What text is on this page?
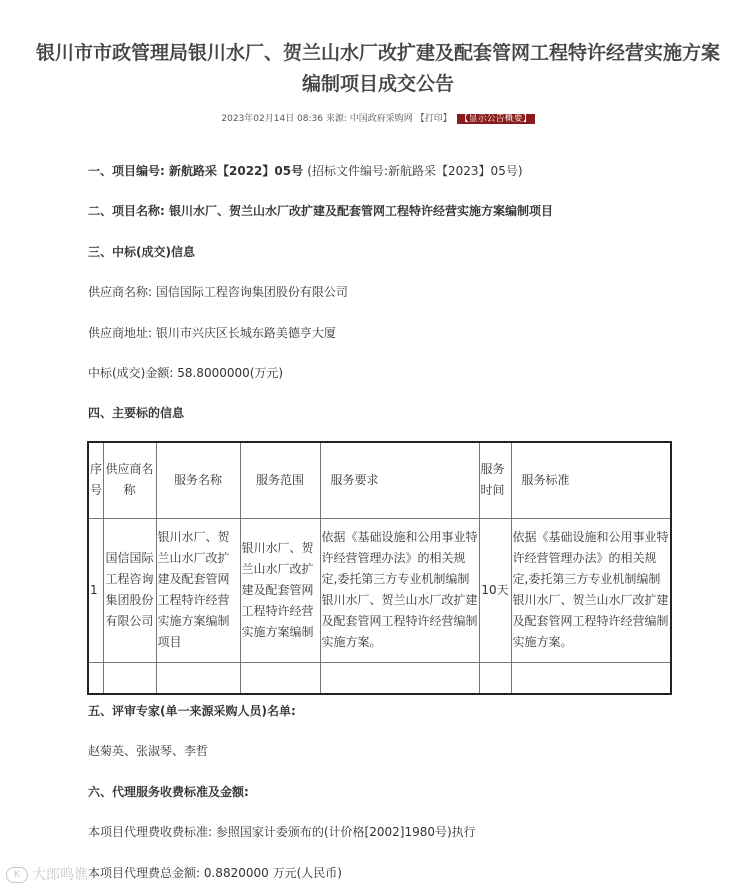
银川市市政管理局银川水厂、贺兰山水厂改扩建及配套管网工程特许经营实施方案
编制项目成交公告
2023年02月14日 08:36 来源: 中国政府采购网 【打印】 【显示公告概要】
一、项目编号: 新航路采【2022】05号 (招标文件编号:新航路采【2023】05号)
二、项目名称: 银川水厂、贺兰山水厂改扩建及配套管网工程特许经营实施方案编制项目
三、中标(成交)信息
供应商名称: 国信国际工程咨询集团股份有限公司
供应商地址: 银川市兴庆区长城东路美德亨大厦
中标(成交)金额: 58.8000000(万元)
四、主要标的信息
序号	供应商名称	服务名称	服务范围	服务要求	服务时间	服务标准
1	国信国际工程咨询集团股份有限公司	银川水厂、贺兰山水厂改扩建及配套管网工程特许经营实施方案编制项目	银川水厂、贺兰山水厂改扩建及配套管网工程特许经营实施方案编制	依据《基础设施和公用事业特许经营管理办法》的相关规定,委托第三方专业机制编制银川水厂、贺兰山水厂改扩建及配套管网工程特许经营编制实施方案。	10天	依据《基础设施和公用事业特许经营管理办法》的相关规定,委托第三方专业机制编制银川水厂、贺兰山水厂改扩建及配套管网工程特许经营编制实施方案。

五、评审专家(单一来源采购人员)名单:
赵菊英、张淑琴、李哲
六、代理服务收费标准及金额:
本项目代理费收费标准: 参照国家计委颁布的(计价格[2002]1980号)执行
本项目代理费总金额: 0.8820000 万元(人民币)
K 大郎鸣谯
